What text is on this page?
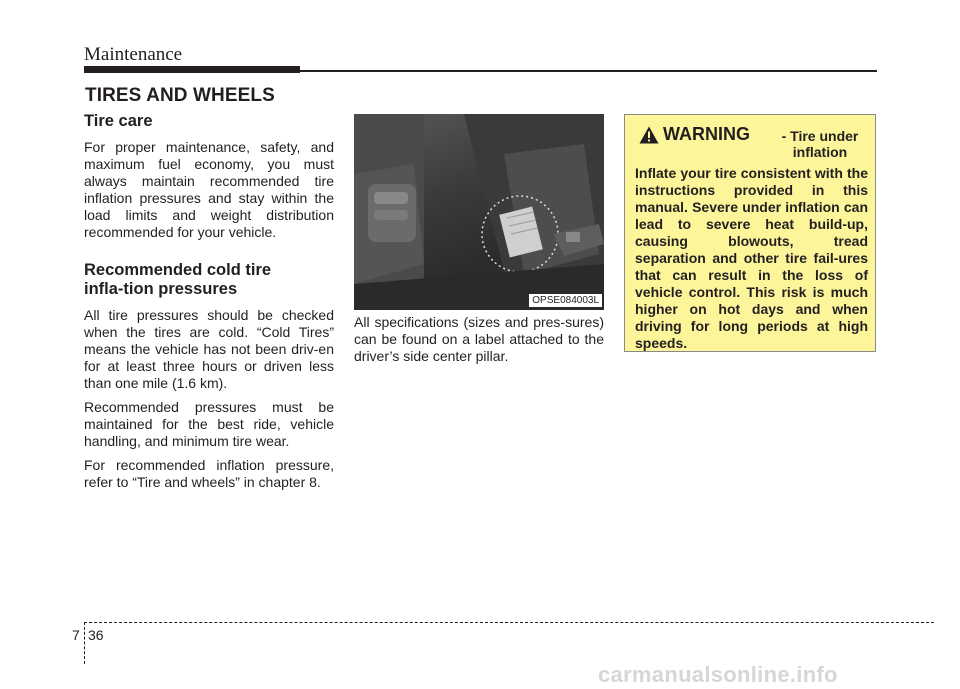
Maintenance
TIRES AND WHEELS
Tire care

For proper maintenance, safety, and maximum fuel economy, you must always maintain recommended tire inflation pressures and stay within the load limits and weight distribution recommended for your vehicle.

Recommended cold tire infla-tion pressures

All tire pressures should be checked when the tires are cold. “Cold Tires” means the vehicle has not been driv-en for at least three hours or driven less than one mile (1.6 km).

Recommended pressures must be maintained for the best ride, vehicle handling, and minimum tire wear.

For recommended inflation pressure, refer to “Tire and wheels” in chapter 8.

OPSE084003L

All specifications (sizes and pres-sures) can be found on a label attached to the driver’s side center pillar.

WARNING	- Tire under inflation

Inflate your tire consistent with the instructions provided in this manual. Severe under inflation can lead to severe heat build-up, causing blowouts, tread separation and other tire fail-ures that can result in the loss of vehicle control. This risk is much higher on hot days and when driving for long periods at high speeds.

7 36
carmanualsonline.info
